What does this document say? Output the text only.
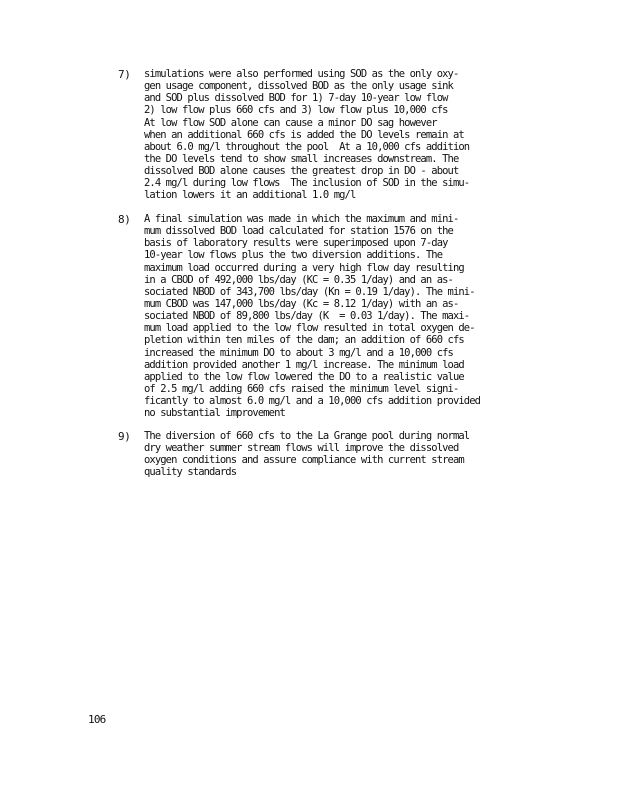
7) simulations were also performed using SOD as the only oxy-
gen usage component, dissolved BOD as the only usage sink
and SOD plus dissolved BOD for 1) 7-day 10-year low flow
2) low flow plus 660 cfs and 3) low flow plus 10,000 cfs
At low flow SOD alone can cause a minor DO sag however
when an additional 660 cfs is added the DO levels remain at
about 6.0 mg/l throughout the pool  At a 10,000 cfs addition
the DO levels tend to show small increases downstream. The
dissolved BOD alone causes the greatest drop in DO - about
2.4 mg/l during low flows  The inclusion of SOD in the simu-
lation lowers it an additional 1.0 mg/l
8) A final simulation was made in which the maximum and mini-
mum dissolved BOD load calculated for station 1576 on the
basis of laboratory results were superimposed upon 7-day
10-year low flows plus the two diversion additions. The
maximum load occurred during a very high flow day resulting
in a CBOD of 492,000 lbs/day (KC = 0.35 1/day) and an as-
sociated NBOD of 343,700 lbs/day (Kn = 0.19 1/day). The mini-
mum CBOD was 147,000 lbs/day (Kc = 8.12 1/day) with an as-
sociated NBOD of 89,800 lbs/day (K  = 0.03 1/day). The maxi-
mum load applied to the low flow resulted in total oxygen de-
pletion within ten miles of the dam; an addition of 660 cfs
increased the minimum DO to about 3 mg/l and a 10,000 cfs
addition provided another 1 mg/l increase. The minimum load
applied to the low flow lowered the DO to a realistic value
of 2.5 mg/l adding 660 cfs raised the minimum level signi-
ficantly to almost 6.0 mg/l and a 10,000 cfs addition provided
no substantial improvement
9) The diversion of 660 cfs to the La Grange pool during normal
dry weather summer stream flows will improve the dissolved
oxygen conditions and assure compliance with current stream
quality standards
106
